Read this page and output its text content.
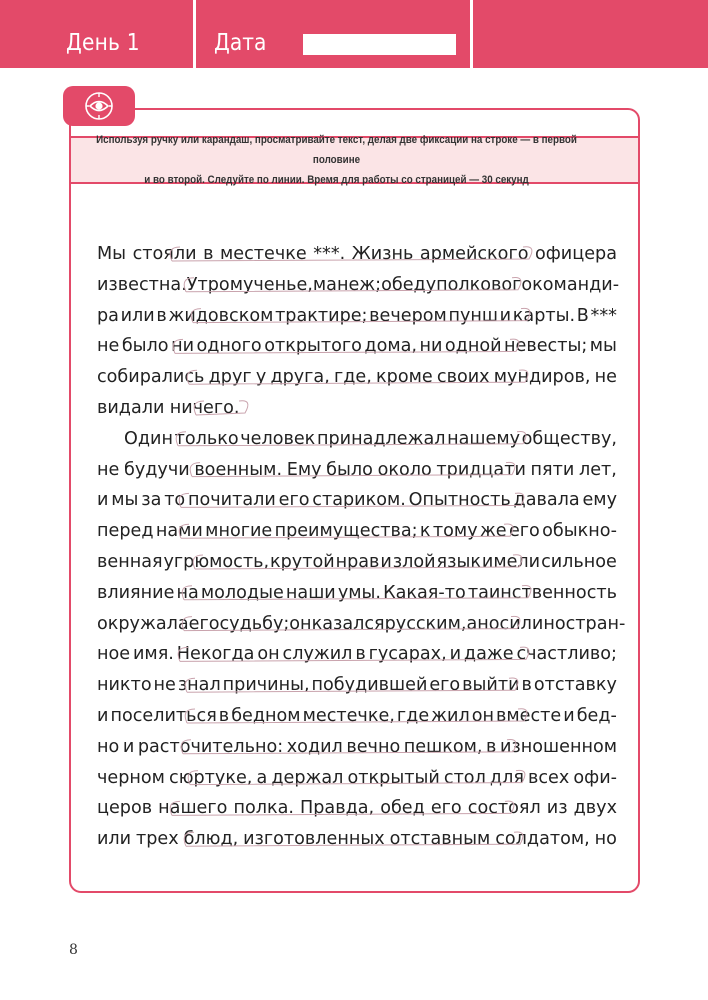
День 1	Дата

Используя ручку или карандаш, просматривайте текст, делая две фиксации на строке — в первой половине
и во второй. Следуйте по линии. Время для работы со страницей — 30 секунд

Мы стояли в местечке ***. Жизнь армейского офицера
известна. Утром ученье, манеж; обед у полкового команди-
ра или в жидовском трактире; вечером пунш и карты. В ***
не было ни одного открытого дома, ни одной невесты; мы
собирались друг у друга, где, кроме своих мундиров, не
видали ничего.
Один только человек принадлежал нашему обществу,
не будучи военным. Ему было около тридцати пяти лет,
и мы за то почитали его стариком. Опытность давала ему
перед нами многие преимущества; к тому же его обыкно-
венная угрюмость, крутой нрав и злой язык имели сильное
влияние на молодые наши умы. Какая-то таинственность
окружала его судьбу; он казался русским, а носил иностран-
ное имя. Некогда он служил в гусарах, и даже счастливо;
никто не знал причины, побудившей его выйти в отставку
и поселиться в бедном местечке, где жил он вместе и бед-
но и расточительно: ходил вечно пешком, в изношенном
черном сюртуке, а держал открытый стол для всех офи-
церов нашего полка. Правда, обед его состоял из двух
или трех блюд, изготовленных отставным солдатом, но
8
